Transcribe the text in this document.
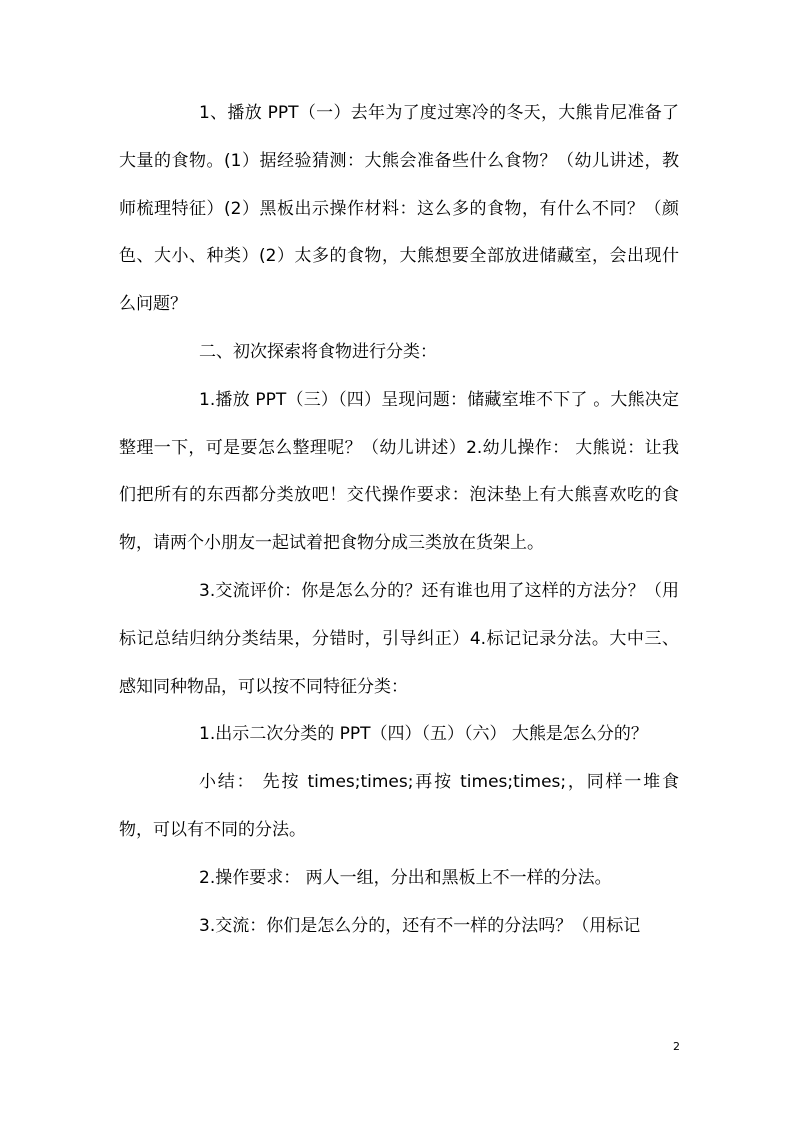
1、播放 PPT（一）去年为了度过寒冷的冬天，大熊肯尼准备了大量的食物。(1）据经验猜测：大熊会准备些什么食物？（幼儿讲述，教师梳理特征）(2）黑板出示操作材料：这么多的食物，有什么不同？（颜色、大小、种类）(2）太多的食物，大熊想要全部放进储藏室，会出现什么问题？

二、初次探索将食物进行分类：

1.播放 PPT（三）（四）呈现问题：储藏室堆不下了 。大熊决定整理一下，可是要怎么整理呢？（幼儿讲述）2.幼儿操作： 大熊说：让我们把所有的东西都分类放吧！交代操作要求：泡沫垫上有大熊喜欢吃的食物，请两个小朋友一起试着把食物分成三类放在货架上。

3.交流评价：你是怎么分的？还有谁也用了这样的方法分？（用标记总结归纳分类结果，分错时，引导纠正）4.标记记录分法。大中三、感知同种物品，可以按不同特征分类：

1.出示二次分类的 PPT（四）（五）（六） 大熊是怎么分的？

小结： 先按 times;times;再按 times;times;，同样一堆食物，可以有不同的分法。

2.操作要求： 两人一组，分出和黑板上不一样的分法。

3.交流：你们是怎么分的，还有不一样的分法吗？（用标记

2
